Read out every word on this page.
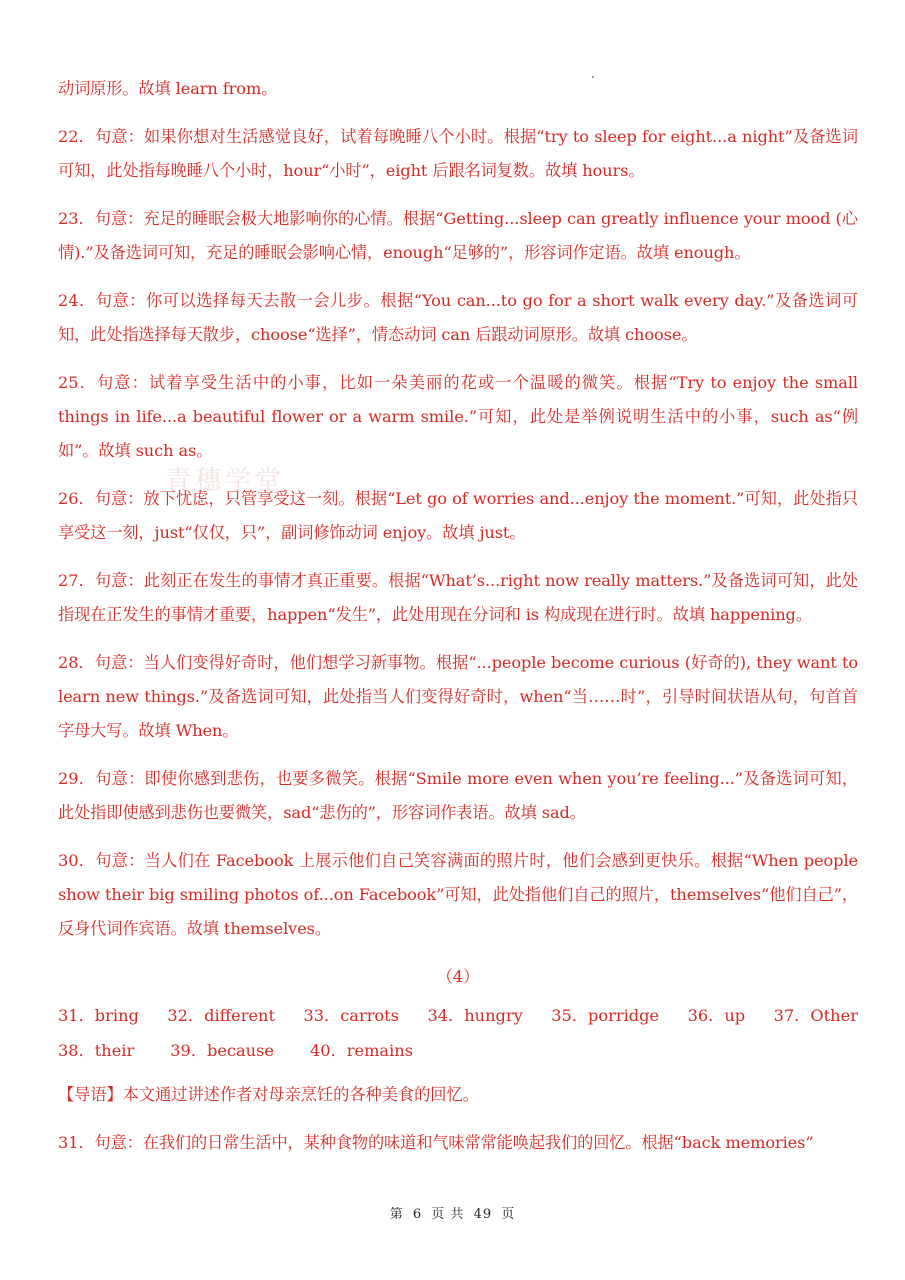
青穗学堂

动词原形。故填 learn from。

22．句意：如果你想对生活感觉良好，试着每晚睡八个小时。根据“try to sleep for eight...a night”及备选词可知，此处指每晚睡八个小时，hour“小时”，eight 后跟名词复数。故填 hours。

23．句意：充足的睡眠会极大地影响你的心情。根据“Getting...sleep can greatly influence your mood (心情).”及备选词可知，充足的睡眠会影响心情，enough“足够的”，形容词作定语。故填 enough。

24．句意：你可以选择每天去散一会儿步。根据“You can...to go for a short walk every day.”及备选词可知，此处指选择每天散步，choose“选择”，情态动词 can 后跟动词原形。故填 choose。

25．句意：试着享受生活中的小事，比如一朵美丽的花或一个温暖的微笑。根据“Try to enjoy the small things in life...a beautiful flower or a warm smile.”可知，此处是举例说明生活中的小事，such as“例如”。故填 such as。

26．句意：放下忧虑，只管享受这一刻。根据“Let go of worries and...enjoy the moment.”可知，此处指只享受这一刻，just“仅仅，只”，副词修饰动词 enjoy。故填 just。

27．句意：此刻正在发生的事情才真正重要。根据“What’s...right now really matters.”及备选词可知，此处指现在正发生的事情才重要，happen“发生”，此处用现在分词和 is 构成现在进行时。故填 happening。

28．句意：当人们变得好奇时，他们想学习新事物。根据“...people become curious (好奇的), they want to learn new things.”及备选词可知，此处指当人们变得好奇时，when“当……时”，引导时间状语从句，句首首字母大写。故填 When。

29．句意：即使你感到悲伤，也要多微笑。根据“Smile more even when you’re feeling...”及备选词可知，此处指即使感到悲伤也要微笑，sad“悲伤的”，形容词作表语。故填 sad。

30．句意：当人们在 Facebook 上展示他们自己笑容满面的照片时，他们会感到更快乐。根据“When people show their big smiling photos of...on Facebook”可知，此处指他们自己的照片，themselves“他们自己”，反身代词作宾语。故填 themselves。

（4）
31．bring 32．different 33．carrots 34．hungry 35．porridge 36．up 37．Other
38．their 39．because 40．remains

【导语】本文通过讲述作者对母亲烹饪的各种美食的回忆。

31．句意：在我们的日常生活中，某种食物的味道和气味常常能唤起我们的回忆。根据“back memories”

第 6 页 共 49 页
